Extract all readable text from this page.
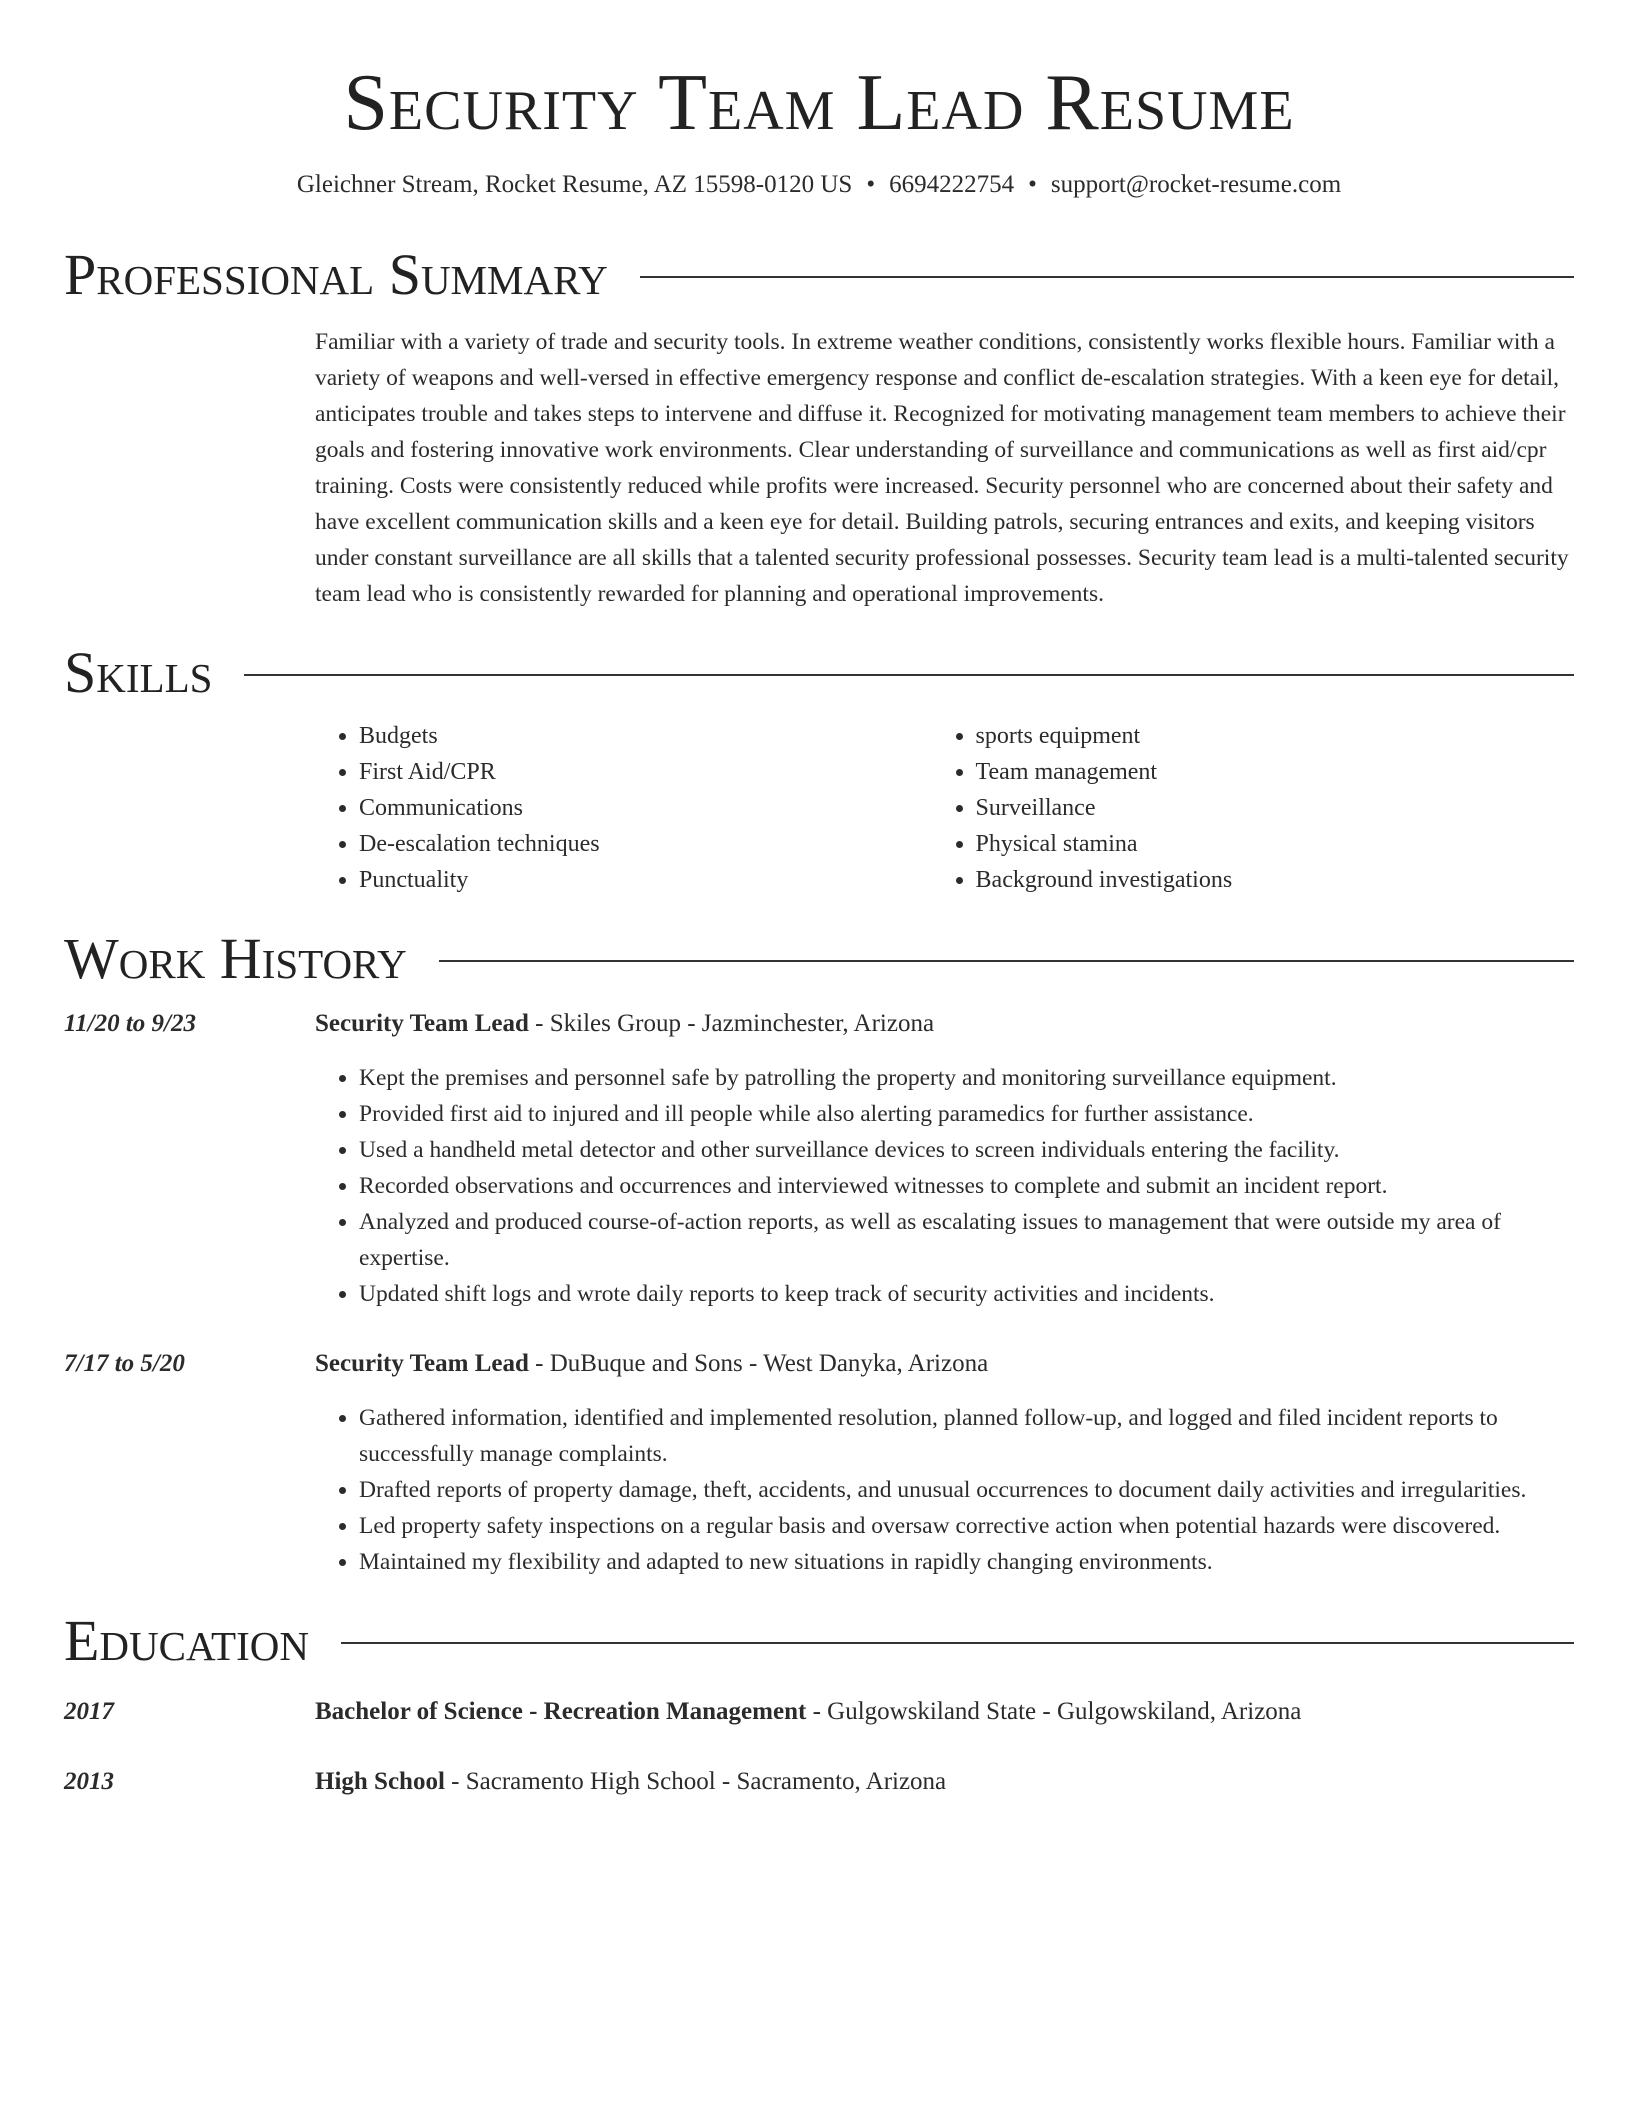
Security Team Lead Resume
Gleichner Stream, Rocket Resume, AZ 15598-0120 US • 6694222754 • support@rocket-resume.com
Professional Summary
Familiar with a variety of trade and security tools. In extreme weather conditions, consistently works flexible hours. Familiar with a variety of weapons and well-versed in effective emergency response and conflict de-escalation strategies. With a keen eye for detail, anticipates trouble and takes steps to intervene and diffuse it. Recognized for motivating management team members to achieve their goals and fostering innovative work environments. Clear understanding of surveillance and communications as well as first aid/cpr training. Costs were consistently reduced while profits were increased. Security personnel who are concerned about their safety and have excellent communication skills and a keen eye for detail. Building patrols, securing entrances and exits, and keeping visitors under constant surveillance are all skills that a talented security professional possesses. Security team lead is a multi-talented security team lead who is consistently rewarded for planning and operational improvements.
Skills
• Budgets
• First Aid/CPR
• Communications
• De-escalation techniques
• Punctuality
• sports equipment
• Team management
• Surveillance
• Physical stamina
• Background investigations
Work History
11/20 to 9/23	Security Team Lead - Skiles Group - Jazminchester, Arizona
• Kept the premises and personnel safe by patrolling the property and monitoring surveillance equipment.
• Provided first aid to injured and ill people while also alerting paramedics for further assistance.
• Used a handheld metal detector and other surveillance devices to screen individuals entering the facility.
• Recorded observations and occurrences and interviewed witnesses to complete and submit an incident report.
• Analyzed and produced course-of-action reports, as well as escalating issues to management that were outside my area of expertise.
• Updated shift logs and wrote daily reports to keep track of security activities and incidents.
7/17 to 5/20	Security Team Lead - DuBuque and Sons - West Danyka, Arizona
• Gathered information, identified and implemented resolution, planned follow-up, and logged and filed incident reports to successfully manage complaints.
• Drafted reports of property damage, theft, accidents, and unusual occurrences to document daily activities and irregularities.
• Led property safety inspections on a regular basis and oversaw corrective action when potential hazards were discovered.
• Maintained my flexibility and adapted to new situations in rapidly changing environments.
Education
2017	Bachelor of Science - Recreation Management - Gulgowskiland State - Gulgowskiland, Arizona
2013	High School - Sacramento High School - Sacramento, Arizona
